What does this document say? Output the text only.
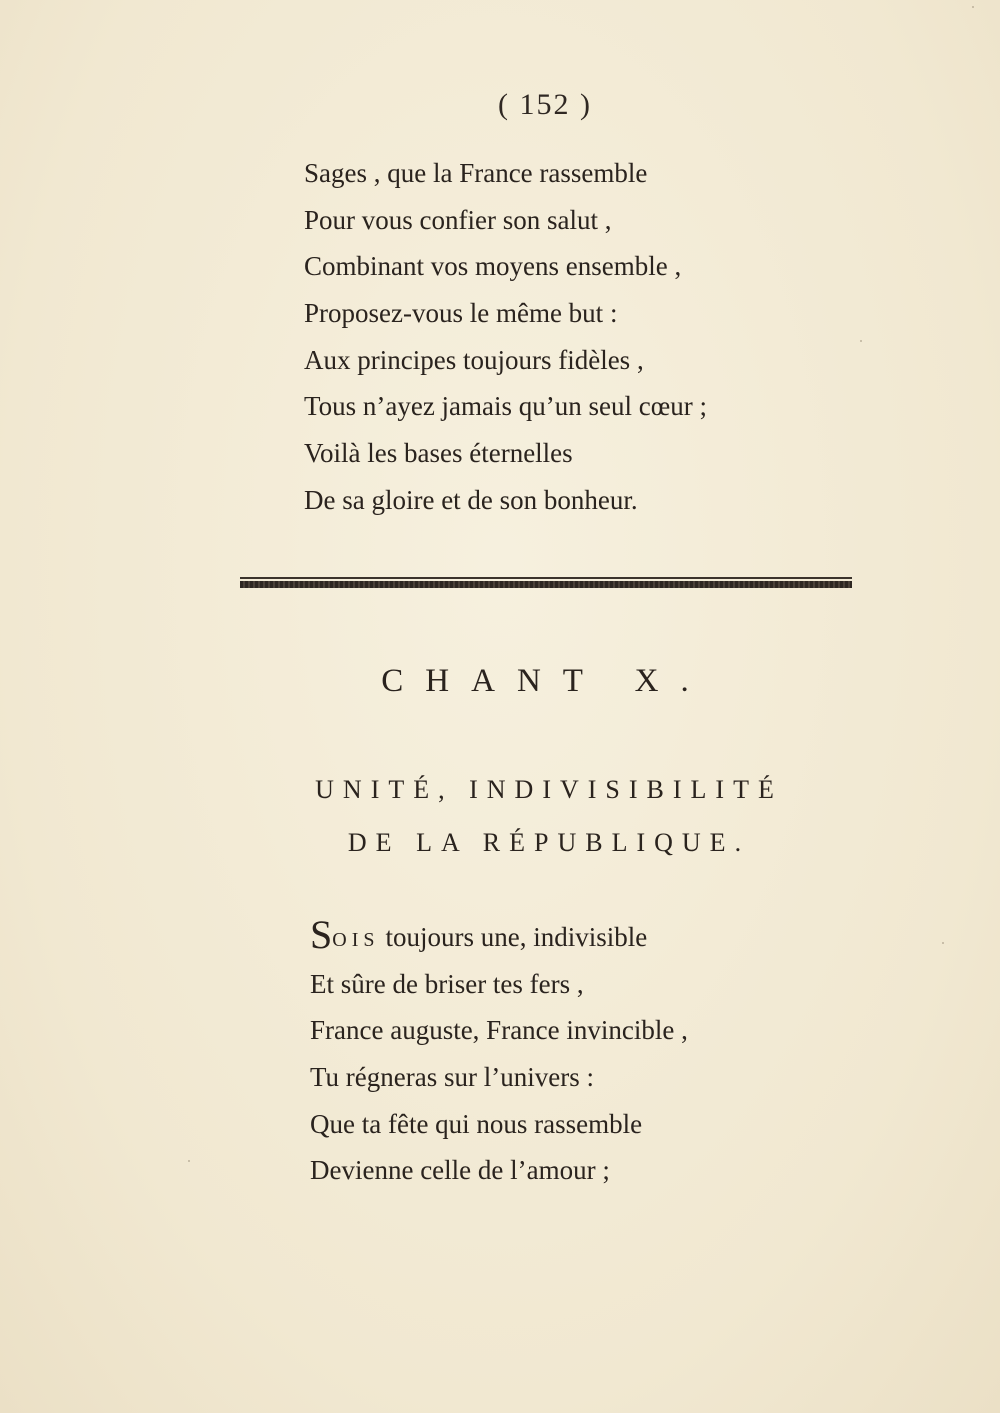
( 152 )
Sages , que la France rassemble
Pour vous confier son salut ,
Combinant vos moyens ensemble ,
Proposez-vous le même but :
Aux principes toujours fidèles ,
Tous n’ayez jamais qu’un seul cœur ;
Voilà les bases éternelles
De sa gloire et de son bonheur.
CHANT X.
UNITÉ, INDIVISIBILITÉ
DE LA RÉPUBLIQUE.
SOIS toujours une, indivisible
Et sûre de briser tes fers ,
France auguste, France invincible ,
Tu régneras sur l’univers :
Que ta fête qui nous rassemble
Devienne celle de l’amour ;
